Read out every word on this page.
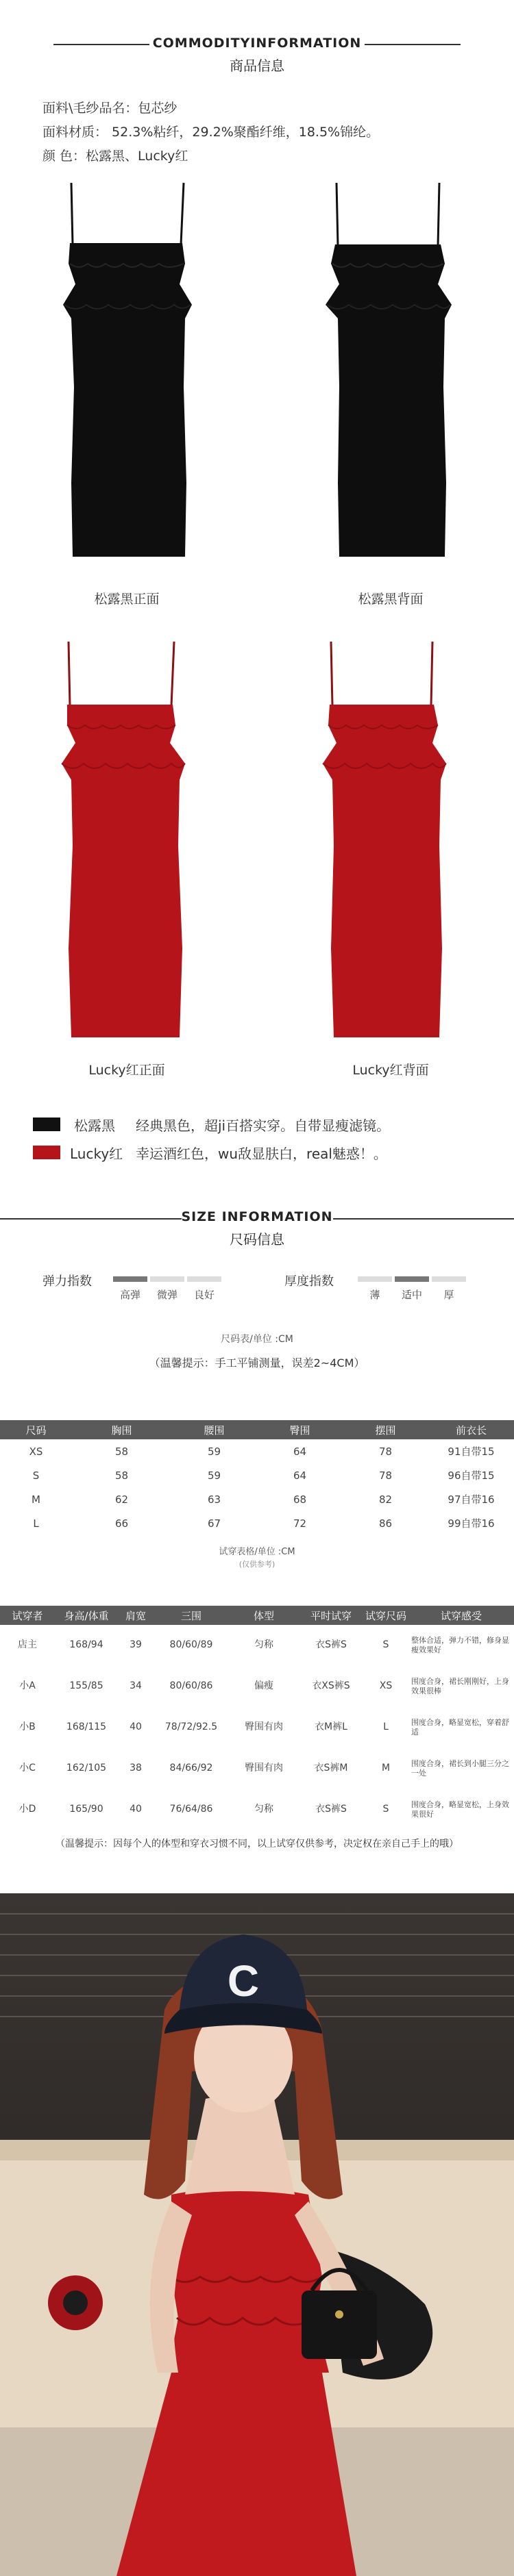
COMMODITYINFORMATION
商品信息
面料\毛纱品名：包芯纱
面料材质： 52.3%粘纤，29.2%聚酯纤维，18.5%锦纶。
颜 色：松露黑、Lucky红
松露黑正面	松露黑背面
Lucky红正面	Lucky红背面
松露黑 经典黑色，超ji百搭实穿。自带显瘦滤镜。
Lucky红 幸运酒红色，wu敌显肤白，real魅惑！。
SIZE INFORMATION
尺码信息
弹力指数
高弹	微弹	良好
厚度指数
薄	适中	厚
尺码表/单位 :CM
（温馨提示：手工平铺测量，误差2~4CM）
尺码	胸围	腰围	臀围	摆围	前衣长
XS	58	59	64	78	91自带15
S	58	59	64	78	96自带15
M	62	63	68	82	97自带16
L	66	67	72	86	99自带16
试穿表格/单位 :CM
(仅供参考)
试穿者	身高/体重	肩宽	三围	体型	平时试穿	试穿尺码	试穿感受
店主	168/94	39	80/60/89	匀称	衣S裤S	S	整体合适，弹力不错，修身显瘦效果好
小A	155/85	34	80/60/86	偏瘦	衣XS裤S	XS	围度合身，裙长刚刚好，上身效果很棒
小B	168/115	40	78/72/92.5	臀围有肉	衣M裤L	L	围度合身，略显宽松，穿着舒适
小C	162/105	38	84/66/92	臀围有肉	衣S裤M	M	围度合身，裙长到小腿三分之一处
小D	165/90	40	76/64/86	匀称	衣S裤S	S	围度合身，略显宽松，上身效果很好
（温馨提示：因每个人的体型和穿衣习惯不同，以上试穿仅供参考，决定权在亲自己手上的哦）
C
